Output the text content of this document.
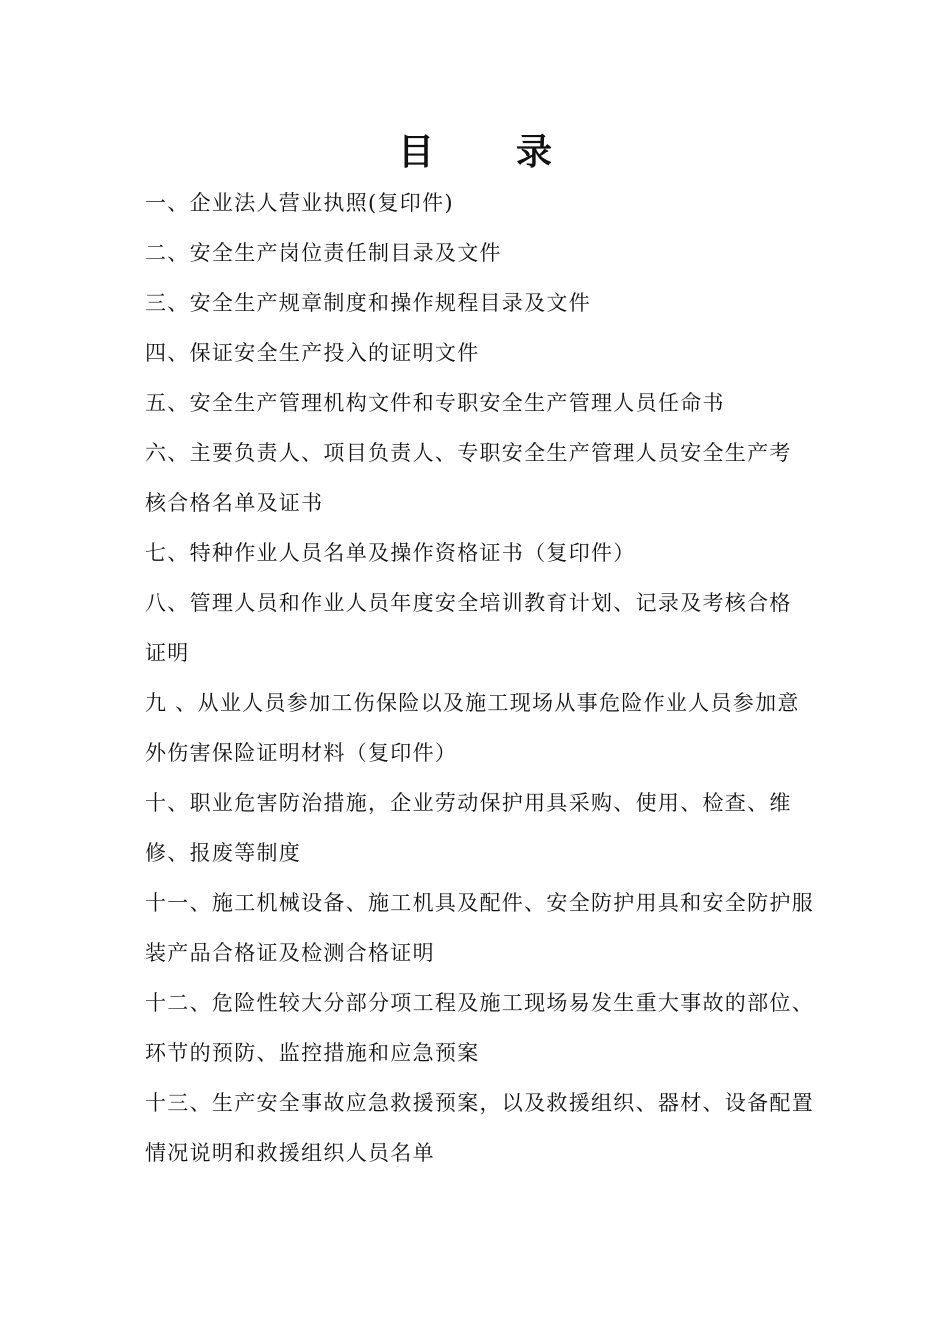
目录
一、企业法人营业执照(复印件)
二、安全生产岗位责任制目录及文件
三、安全生产规章制度和操作规程目录及文件
四、保证安全生产投入的证明文件
五、安全生产管理机构文件和专职安全生产管理人员任命书
六、主要负责人、项目负责人、专职安全生产管理人员安全生产考
核合格名单及证书
七、特种作业人员名单及操作资格证书（复印件）
八、管理人员和作业人员年度安全培训教育计划、记录及考核合格
证明
九 、从业人员参加工伤保险以及施工现场从事危险作业人员参加意
外伤害保险证明材料（复印件）
十、职业危害防治措施，企业劳动保护用具采购、使用、检查、维
修、报废等制度
十一、施工机械设备、施工机具及配件、安全防护用具和安全防护服
装产品合格证及检测合格证明
十二、危险性较大分部分项工程及施工现场易发生重大事故的部位、
环节的预防、监控措施和应急预案
十三、生产安全事故应急救援预案，以及救援组织、器材、设备配置
情况说明和救援组织人员名单
